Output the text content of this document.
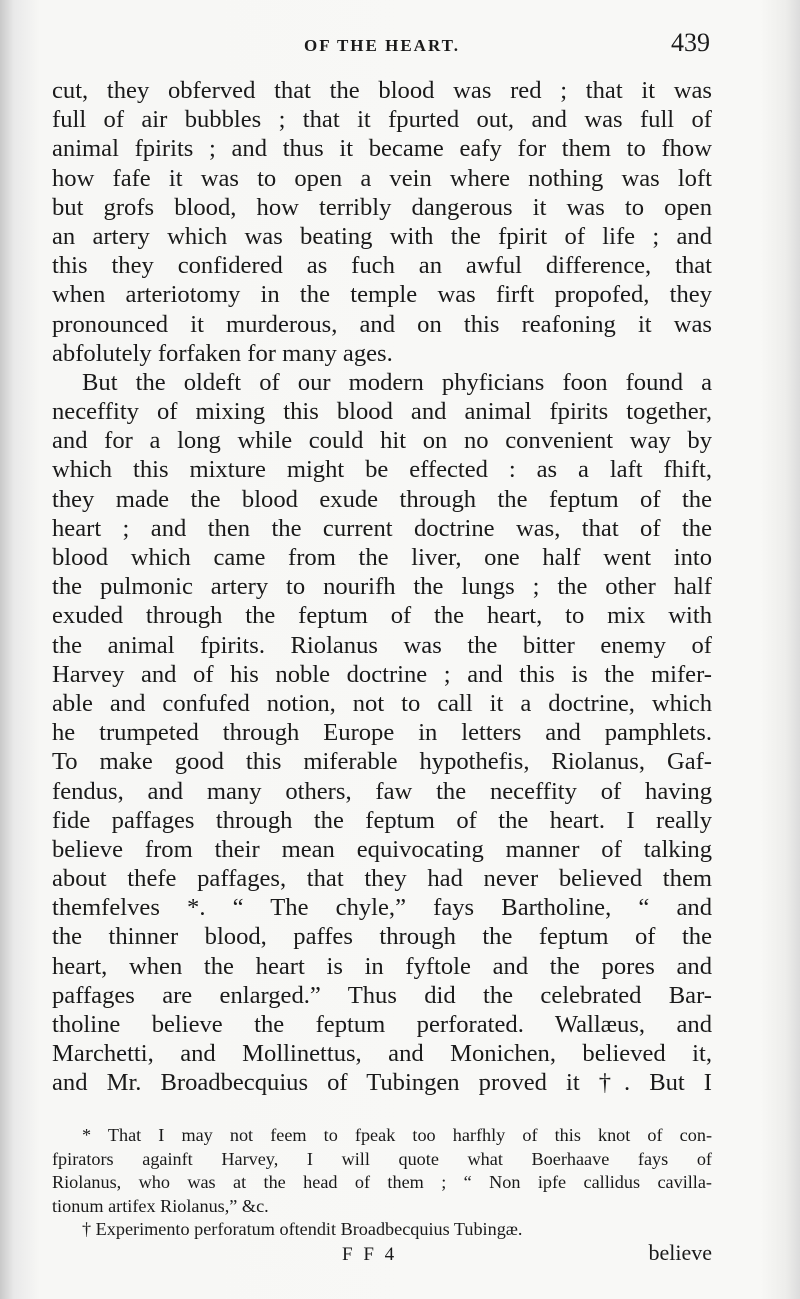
OF THE HEART.	439
cut, they obferved that the blood was red ; that it was
full of air bubbles ; that it fpurted out, and was full of
animal fpirits ; and thus it became eafy for them to fhow
how fafe it was to open a vein where nothing was loft
but grofs blood, how terribly dangerous it was to open
an artery which was beating with the fpirit of life ; and
this they confidered as fuch an awful difference, that
when arteriotomy in the temple was firft propofed, they
pronounced it murderous, and on this reafoning it was
abfolutely forfaken for many ages.
But the oldeft of our modern phyficians foon found a
neceffity of mixing this blood and animal fpirits together,
and for a long while could hit on no convenient way by
which this mixture might be effected : as a laft fhift,
they made the blood exude through the feptum of the
heart ; and then the current doctrine was, that of the
blood which came from the liver, one half went into
the pulmonic artery to nourifh the lungs ; the other half
exuded through the feptum of the heart, to mix with
the animal fpirits. Riolanus was the bitter enemy of
Harvey and of his noble doctrine ; and this is the mifer-
able and confufed notion, not to call it a doctrine, which
he trumpeted through Europe in letters and pamphlets.
To make good this miferable hypothefis, Riolanus, Gaf-
fendus, and many others, faw the neceffity of having
fide paffages through the feptum of the heart. I really
believe from their mean equivocating manner of talking
about thefe paffages, that they had never believed them
themfelves *. “ The chyle,” fays Bartholine, “ and
the thinner blood, paffes through the feptum of the
heart, when the heart is in fyftole and the pores and
paffages are enlarged.” Thus did the celebrated Bar-
tholine believe the feptum perforated. Wallæus, and
Marchetti, and Mollinettus, and Monichen, believed it,
and Mr. Broadbecquius of Tubingen proved it †. But I
* That I may not feem to fpeak too harfhly of this knot of con-
fpirators againft Harvey, I will quote what Boerhaave fays of
Riolanus, who was at the head of them ; “ Non ipfe callidus cavilla-
tionum artifex Riolanus,” &c.
† Experimento perforatum oftendit Broadbecquius Tubingæ.
F F 4	believe
